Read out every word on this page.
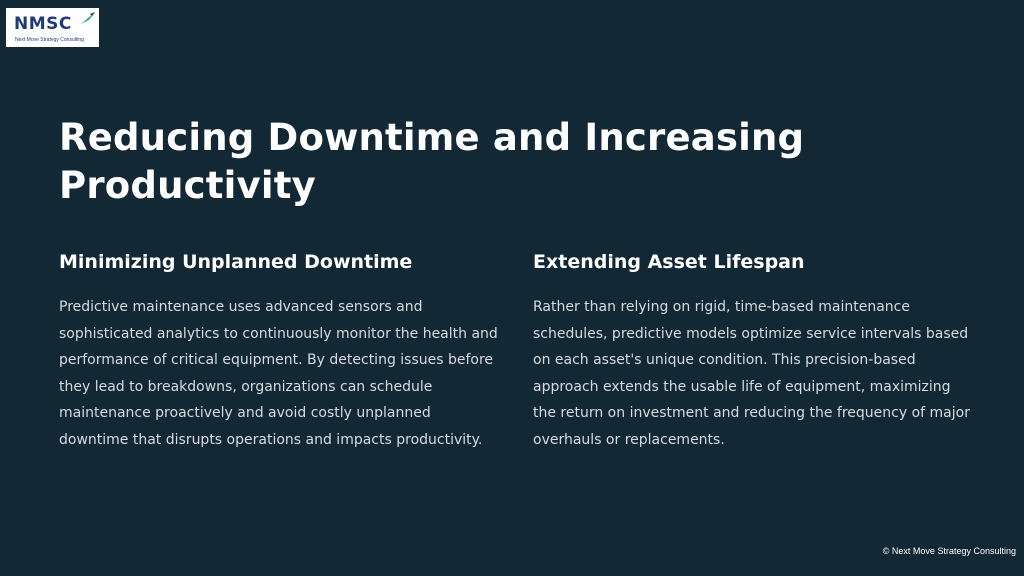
NMSC
Next Move Strategy Consulting
Reducing Downtime and Increasing Productivity
Minimizing Unplanned Downtime

Predictive maintenance uses advanced sensors and sophisticated analytics to continuously monitor the health and performance of critical equipment. By detecting issues before they lead to breakdowns, organizations can schedule maintenance proactively and avoid costly unplanned downtime that disrupts operations and impacts productivity.

Extending Asset Lifespan

Rather than relying on rigid, time-based maintenance schedules, predictive models optimize service intervals based on each asset's unique condition. This precision-based approach extends the usable life of equipment, maximizing the return on investment and reducing the frequency of major overhauls or replacements.

© Next Move Strategy Consulting
